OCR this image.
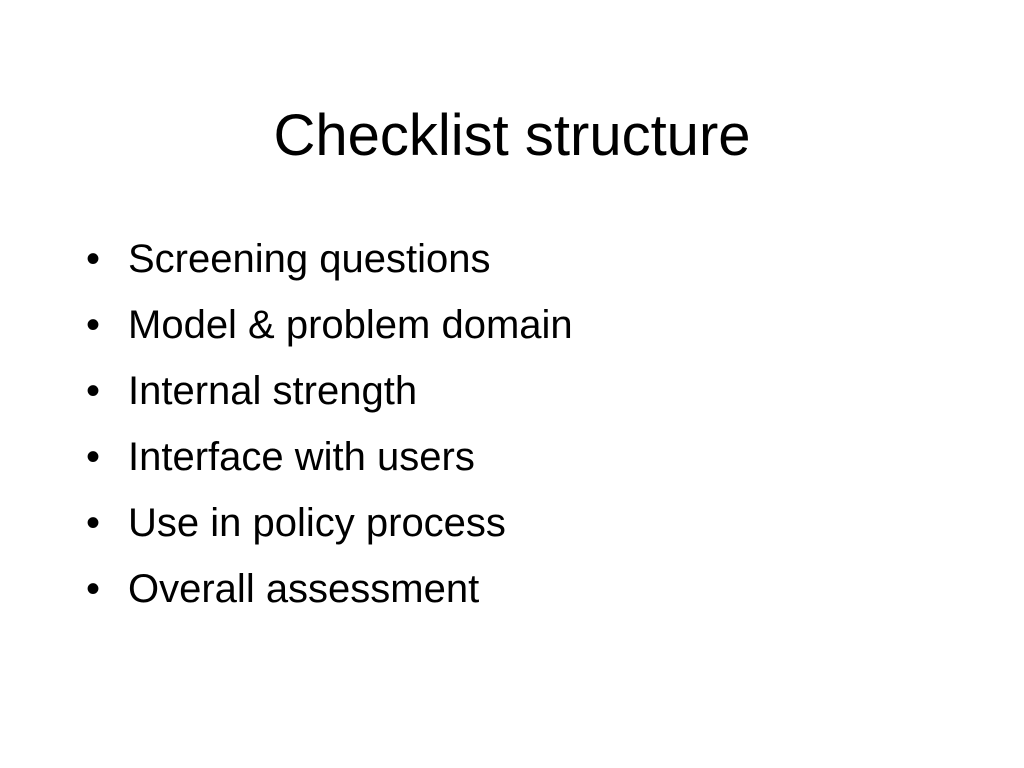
Checklist structure
• Screening questions
• Model & problem domain
• Internal strength
• Interface with users
• Use in policy process
• Overall assessment
